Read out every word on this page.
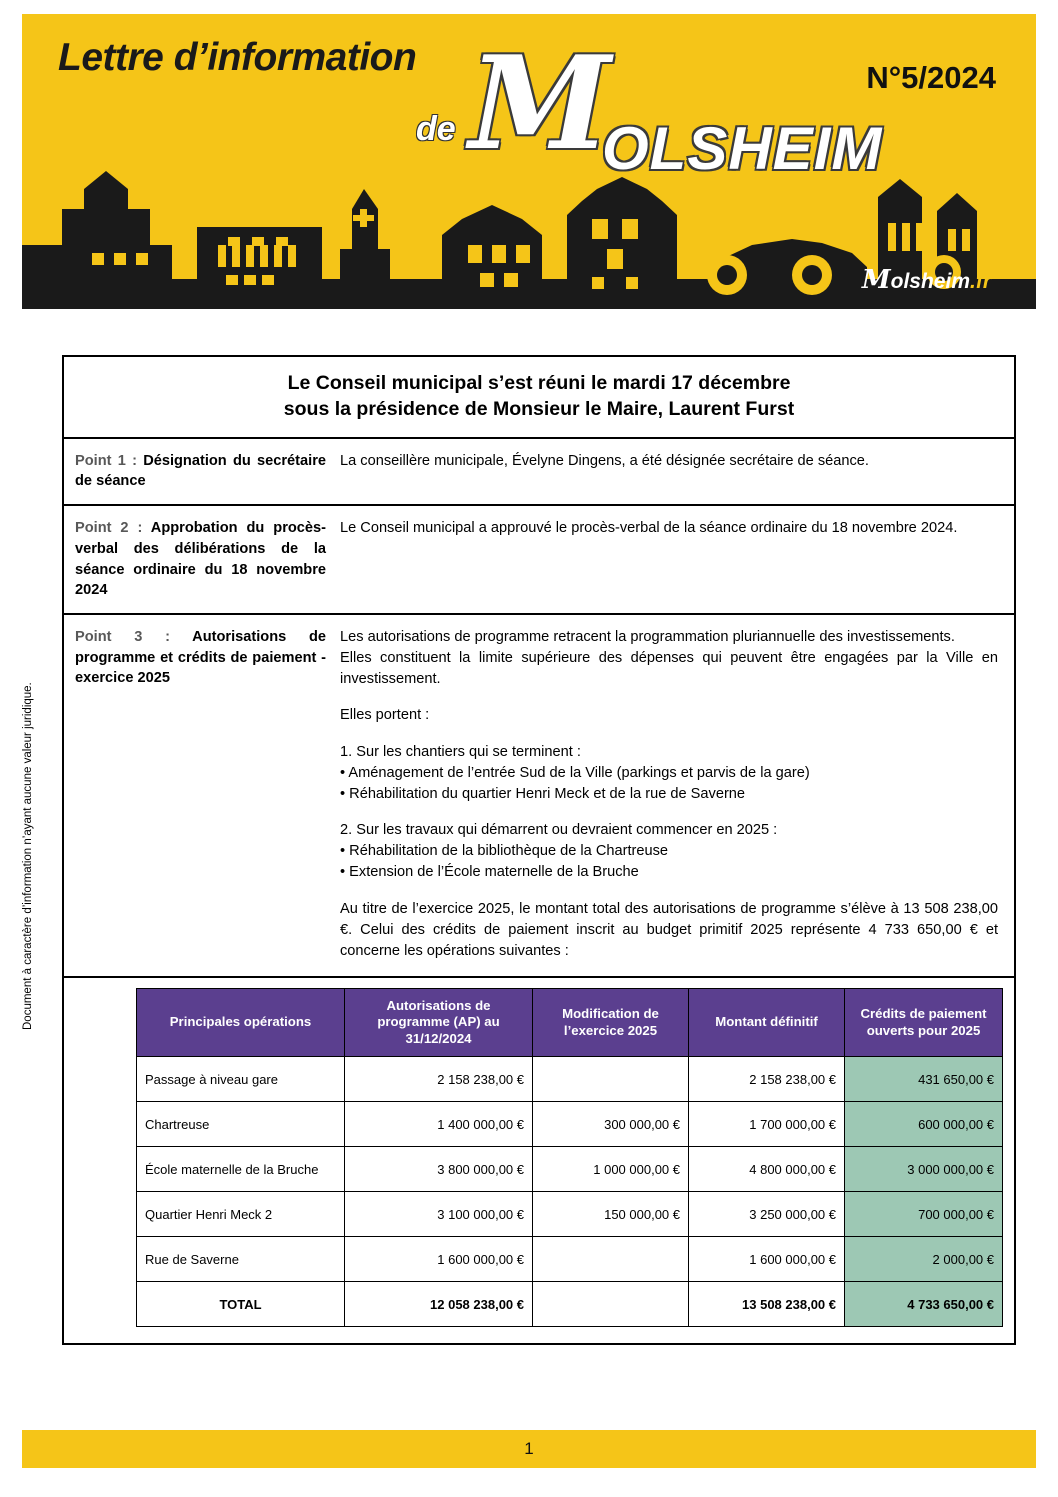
Lettre d’information
de M
OLSHEIM
N°5/2024
Molsheim.fr
Document à caractère d’information n’ayant aucune valeur juridique.
Le Conseil municipal s’est réuni le mardi 17 décembre
sous la présidence de Monsieur le Maire, Laurent Furst
Point 1 : Désignation du secrétaire de séance

La conseillère municipale, Évelyne Dingens, a été désignée secrétaire de séance.

Point 2 : Approbation du procès-verbal des délibérations de la séance ordinaire du 18 novembre 2024

Le Conseil municipal a approuvé le procès-verbal de la séance ordinaire du 18 novembre 2024.

Point 3 : Autorisations de programme et crédits de paiement - exercice 2025

Les autorisations de programme retracent la programmation pluriannuelle des investissements.

Elles constituent la limite supérieure des dépenses qui peuvent être engagées par la Ville en investissement.

Elles portent :

1. Sur les chantiers qui se terminent :

• Aménagement de l’entrée Sud de la Ville (parkings et parvis de la gare)

• Réhabilitation du quartier Henri Meck et de la rue de Saverne

2. Sur les travaux qui démarrent ou devraient commencer en 2025 :

• Réhabilitation de la bibliothèque de la Chartreuse

• Extension de l’École maternelle de la Bruche

Au titre de l’exercice 2025, le montant total des autorisations de programme s’élève à 13 508 238,00 €. Celui des crédits de paiement inscrit au budget primitif 2025 représente 4 733 650,00 € et concerne les opérations suivantes :

Principales opérations	Autorisations de programme (AP) au 31/12/2024	Modification de l’exercice 2025	Montant définitif	Crédits de paiement ouverts pour 2025
Passage à niveau gare	2 158 238,00 €		2 158 238,00 €	431 650,00 €
Chartreuse	1 400 000,00 €	300 000,00 €	1 700 000,00 €	600 000,00 €
École maternelle de la Bruche	3 800 000,00 €	1 000 000,00 €	4 800 000,00 €	3 000 000,00 €
Quartier Henri Meck 2	3 100 000,00 €	150 000,00 €	3 250 000,00 €	700 000,00 €
Rue de Saverne	1 600 000,00 €		1 600 000,00 €	2 000,00 €
TOTAL	12 058 238,00 €		13 508 238,00 €	4 733 650,00 €
1
